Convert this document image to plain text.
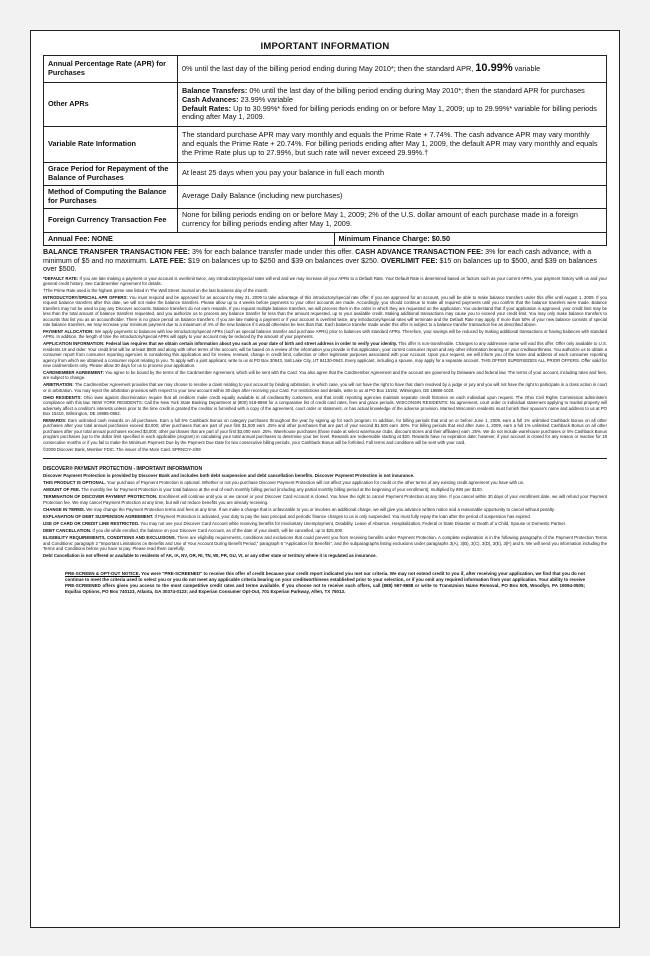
IMPORTANT INFORMATION
Annual Percentage Rate (APR) for Purchases	0% until the last day of the billing period ending during May 2010*; then the standard APR, 10.99% variable
Other APRs	Balance Transfers: 0% until the last day of the billing period ending during May 2010*; then the standard APR for purchases
Cash Advances: 23.99% variable
Default Rates: Up to 30.99%* fixed for billing periods ending on or before May 1, 2009; up to 29.99%* variable for billing periods ending after May 1, 2009.

Variable Rate Information	The standard purchase APR may vary monthly and equals the Prime Rate + 7.74%. The cash advance APR may vary monthly and equals the Prime Rate + 20.74%. For billing periods ending after May 1, 2009, the default APR may vary monthly and equals the Prime Rate plus up to 27.99%, but such rate will never exceed 29.99%.†
Grace Period for Repayment of the Balance of Purchases	At least 25 days when you pay your balance in full each month
Method of Computing the Balance for Purchases	Average Daily Balance (including new purchases)
Foreign Currency Transaction Fee	None for billing periods ending on or before May 1, 2009; 2% of the U.S. dollar amount of each purchase made in a foreign currency for billing periods ending after May 1, 2009.
Annual Fee: NONE	Minimum Finance Charge: $0.50
BALANCE TRANSFER TRANSACTION FEE: 3% for each balance transfer made under this offer. CASH ADVANCE TRANSACTION FEE: 3% for each cash advance, with a minimum of $5 and no maximum. LATE FEE: $19 on balances up to $250 and $39 on balances over $250. OVERLIMIT FEE: $15 on balances up to $500, and $39 on balances over $500.
*DEFAULT RATE: If you are late making a payment or your account is overlimit twice, any introductory/special rates will end and we may increase all your APRs to a Default Rate. Your Default Rate is determined based on factors such as your current APRs, your payment history with us and your general credit history. See Cardmember Agreement for details.
†The Prime Rate used is the highest prime rate listed in The Wall Street Journal on the last business day of the month.
INTRODUCTORY/SPECIAL APR OFFERS: You must respond and be approved for an account by May 31, 2009 to take advantage of this introductory/special rate offer. If you are approved for an account, you will be able to make balance transfers under this offer until August 1, 2009. If you request balance transfers after this date, we will not make the balance transfers. Please allow up to 4 weeks before payments to your other accounts are made. Accordingly, you should continue to make all required payments until you confirm that the balance transfers were made. Balance transfers may not be used to pay any Discover accounts. Balance transfers do not earn rewards. If you request multiple balance transfers, we will process them in the order in which they are requested on the application. You understand that if your application is approved, your credit limit may be less than the total amount of balance transfers requested, and you authorize us to process any balance transfer for less than the amount requested, up to your available credit. Making additional transactions may cause you to exceed your credit limit. You may only make balance transfers to accounts that list you as an accountholder. There is no grace period on balance transfers. If you are late making a payment or if your account is overlimit twice, any introductory/special rates will terminate and the Default Rate may apply. If more than 50% of your new balance consists of special rate balance transfers, we may increase your minimum payment due to a maximum of 4% of the new balance if it would otherwise be less than that. Each balance transfer made under this offer is subject to a balance transfer transaction fee as described above.
PAYMENT ALLOCATION: We apply payments to balances with low introductory/special APRs (such as special balance transfer and purchase APRs) prior to balances with standard APRs. Therefore, your savings will be reduced by making additional transactions or having balances with standard APRs. In addition, the length of time the introductory/special APRs will apply to your account may be reduced by the amount of your payments.
APPLICATION INFORMATION: Federal law requires that we obtain certain information about you such as your date of birth and street address in order to verify your identity. This offer is non-transferable. Changes to any addressee name will void this offer. Offer only available to U.S. residents 18 and older. Your credit limit will be at least $500 and along with other terms of the account, will be based on a review of the information you provide in this application, your current consumer report and any other information bearing on your creditworthiness. You authorize us to obtain a consumer report from consumer reporting agencies in considering this application and for review, renewal, change in credit limit, collection or other legitimate purposes associated with your Account. Upon your request, we will inform you of the name and address of each consumer reporting agency from which we obtained a consumer report relating to you. To apply with a joint applicant, write to us at PO Box 30943, Salt Lake City, UT 84130-0943. Every applicant, including a spouse, may apply for a separate account. THIS OFFER SUPERSEDES ALL PRIOR OFFERS. Offer valid for new cardmembers only. Please allow 30 days for us to process your application.
CARDMEMBER AGREEMENT: You agree to be bound by the terms of the Cardmember Agreement, which will be sent with the Card. You also agree that the Cardmember Agreement and the account are governed by Delaware and federal law. The terms of your account, including rates and fees, are subject to change.
ARBITRATION: The Cardmember Agreement provides that we may choose to resolve a claim relating to your account by binding arbitration, in which case, you will not have the right to have that claim resolved by a judge or jury and you will not have the right to participate in a class action in court or in arbitration. You may reject the arbitration provision with respect to your new account within 30 days after receiving your Card. For restrictions and details, write to us at PO Box 15192, Wilmington, DE 19886-1020.
OHIO RESIDENTS: Ohio laws against discrimination require that all creditors make credit equally available to all creditworthy customers, and that credit reporting agencies maintain separate credit histories on each individual upon request. The Ohio Civil Rights Commission administers compliance with this law. NEW YORK RESIDENTS: Call the New York State Banking Department at (800) 518-8866 for a comparative list of credit card rates, fees and grace periods. WISCONSIN RESIDENTS: No agreement, court order or individual statement applying to marital property will adversely affect a creditor's interests unless prior to the time credit is granted the creditor is furnished with a copy of the agreement, court order or statement, or has actual knowledge of the adverse provision. Married Wisconsin residents must furnish their spouse's name and address to us at PO Box 15410, Wilmington, DE 19886-0862.
REWARDS: Earn unlimited cash rewards on all purchases. Earn a full 5% Cashback Bonus on category purchases throughout the year by signing up for each program. In addition, for billing periods that end on or before June 1, 2009, earn a full 1% unlimited Cashback Bonus on all other purchases after your total annual purchases exceed $3,000; other purchases that are part of your first $1,500 earn .25% and other purchases that are part of your second $1,500 earn .50%. For billing periods that end after June 1, 2009, earn a full 1% unlimited Cashback Bonus on all other purchases after your total annual purchases exceed $3,000; other purchases that are part of your first $3,000 earn .25%. Warehouse purchases (those made at select warehouse clubs, discount stores and their affiliates) earn .25%. We do not include warehouse purchases or 5% Cashback Bonus program purchases (up to the dollar limit specified in each applicable program) in calculating your total annual purchases to determine your tier level. Rewards are redeemable starting at $20. Rewards have no expiration date; however, if your account is closed for any reason or inactive for 18 consecutive months or if you fail to make the Minimum Payment Due by the Payment Due Date for two consecutive billing periods, your Cashback Bonus will be forfeited. Full terms and conditions will be sent with your card.
©2009 Discover Bank, Member FDIC. The issuer of the More Card. SPRNCIY-4/09
DISCOVER® PAYMENT PROTECTION - IMPORTANT INFORMATION
Discover Payment Protection is provided by Discover Bank and includes both debt suspension and debt cancellation benefits. Discover Payment Protection is not insurance.
THIS PRODUCT IS OPTIONAL. Your purchase of Payment Protection is optional. Whether or not you purchase Discover Payment Protection will not affect your application for credit or the other terms of any existing credit agreement you have with us.
AMOUNT OF FEE. The monthly fee for Payment Protection is your total balance at the end of each monthly billing period (including any partial monthly billing period at the beginning of your enrollment), multiplied by 89¢ per $100.
TERMINATION OF DISCOVER PAYMENT PROTECTION. Enrollment will continue until you or we cancel or your Discover Card Account is closed. You have the right to cancel Payment Protection at any time. If you cancel within 30 days of your enrollment date, we will refund your Payment Protection fee. We may cancel Payment Protection at any time, but will not reduce benefits you are already receiving.
CHANGE IN TERMS. We may change the Payment Protection terms and fees at any time. If we make a change that is unfavorable to you or involves an additional charge, we will give you advance written notice and a reasonable opportunity to cancel without penalty.
EXPLANATION OF DEBT SUSPENSION AGREEMENT. If Payment Protection is activated, your duty to pay the loan principal and periodic finance charges to us is only suspended. You must fully repay the loan after the period of suspension has expired.
USE OF CARD OR CREDIT LINE RESTRICTED. You may not use your Discover Card Account while receiving benefits for Involuntary Unemployment, Disability, Leave of Absence, Hospitalization, Federal or State Disaster or Death of a Child, Spouse or Domestic Partner.
DEBT CANCELLATION. If you die while enrolled, the balance on your Discover Card Account, as of the date of your death, will be cancelled, up to $25,000.
ELIGIBILITY REQUIREMENTS, CONDITIONS AND EXCLUSIONS. There are eligibility requirements, conditions and exclusions that could prevent you from receiving benefits under Payment Protection. A complete explanation is in the following paragraphs of the Payment Protection Terms and Conditions: paragraph 2 "Important Limitations on Benefits and Use of Your Account During Benefit Period," paragraph 6 "Application for Benefits", and the subparagraphs listing exclusions under paragraphs 3(A), 3(B), 3(C), 3(D), 3(E), 3(F) and 5. We will send you information including the Terms and Conditions before you have to pay. Please read them carefully.
Debt Cancellation is not offered or available to residents of AK, IA, NV, OR, RI, TN, WI, PR, GU, VI, or any other state or territory where it is regulated as insurance.
PRE-SCREEN & OPT-OUT NOTICE. You were "PRE-SCREENED" to receive this offer of credit because your credit report indicated you met our criteria. We may not extend credit to you if, after receiving your application, we find that you do not continue to meet the criteria used to select you or you do not meet any applicable criteria bearing on your creditworthiness established prior to your selection, or if you omit any required information from your application. Your ability to receive PRE-SCREENED offers gives you access to the most competitive credit rates and terms available. If you choose not to receive such offers, call (888) 567-8688 or write to TransUnion Name Removal, PO Box 505, Woodlyn, PA 19094-0505; Equifax Options, PO Box 740123, Atlanta, GA 30374-0123; and Experian Consumer Opt-Out, 701 Experian Parkway, Allen, TX 75013.
